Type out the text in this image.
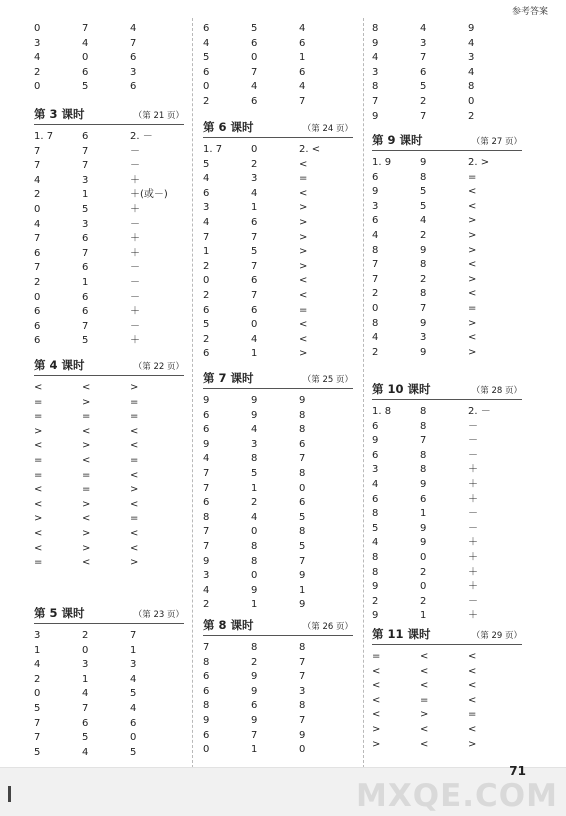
参考答案
0	7	4
3	4	7
4	0	6
2	6	3
0	5	6
第 3 课时	（第 21 页）
1. 7	6	2. －
7	7	－
7	7	－
4	3	＋
2	1	＋(或－)
0	5	＋
4	3	－
7	6	＋
6	7	＋
7	6	－
2	1	－
0	6	－
6	6	＋
6	7	－
6	5	＋
第 4 课时	（第 22 页）
<	<	>
=	>	=
=	=	=
>	<	<
<	>	<
=	<	=
=	=	<
<	=	>
<	>	<
>	<	=
<	>	<
<	>	<
=	<	>
第 5 课时	（第 23 页）
3	2	7
1	0	1
4	3	3
2	1	4
0	4	5
5	7	4
7	6	6
7	5	0
5	4	5
6	5	4
4	6	6
5	0	1
6	7	6
0	4	4
2	6	7
第 6 课时	（第 24 页）
1. 7	0	2. <
5	2	<
4	3	=
6	4	<
3	1	>
4	6	>
7	7	>
1	5	>
2	7	>
0	6	<
2	7	<
6	6	=
5	0	<
2	4	<
6	1	>
第 7 课时	（第 25 页）
9	9	9
6	9	8
6	4	8
9	3	6
4	8	7
7	5	8
7	1	0
6	2	6
8	4	5
7	0	8
7	8	5
9	8	7
3	0	9
4	9	1
2	1	9
第 8 课时	（第 26 页）
7	8	8
8	2	7
6	9	7
6	9	3
8	6	8
9	9	7
6	7	9
0	1	0
8	4	9
9	3	4
4	7	3
3	6	4
8	5	8
7	2	0
9	7	2
第 9 课时	（第 27 页）
1. 9	9	2. >
6	8	=
9	5	<
3	5	<
6	4	>
4	2	>
8	9	>
7	8	<
7	2	>
2	8	<
0	7	=
8	9	>
4	3	<
2	9	>
第 10 课时	（第 28 页）
1. 8	8	2. －
6	8	－
9	7	－
6	8	－
3	8	＋
4	9	＋
6	6	＋
8	1	－
5	9	－
4	9	＋
8	0	＋
8	2	＋
9	0	＋
2	2	－
9	1	＋
第 11 课时	（第 29 页）
=	<	<
<	<	<
<	<	<
<	=	<
<	>	=
>	<	<
>	<	>
71
MXQE.COM
